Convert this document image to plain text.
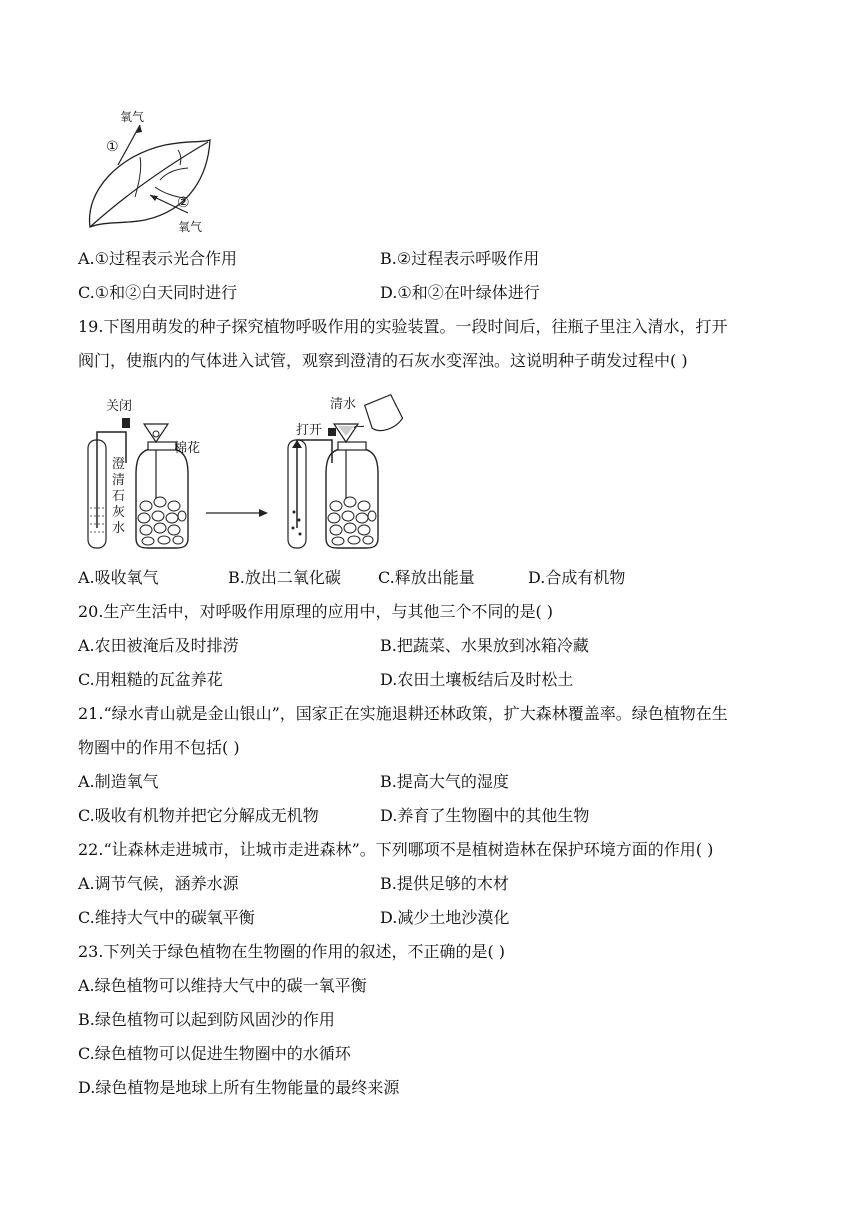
氧气
①
②
氧气
A.①过程表示光合作用	B.②过程表示呼吸作用
C.①和②白天同时进行	D.①和②在叶绿体进行
19.下图用萌发的种子探究植物呼吸作用的实验装置。一段时间后，往瓶子里注入清水，打开
阀门，使瓶内的气体进入试管，观察到澄清的石灰水变浑浊。这说明种子萌发过程中( )
关闭
棉花
澄
清
石
灰
水
打开
清水
A.吸收氧气	B.放出二氧化碳 C.释放出能量	D.合成有机物
20.生产生活中，对呼吸作用原理的应用中，与其他三个不同的是( )
A.农田被淹后及时排涝	B.把蔬菜、水果放到冰箱冷藏
C.用粗糙的瓦盆养花	D.农田土壤板结后及时松土
21.“绿水青山就是金山银山”，国家正在实施退耕还林政策，扩大森林覆盖率。绿色植物在生
物圈中的作用不包括( )
A.制造氧气	B.提高大气的湿度
C.吸收有机物并把它分解成无机物	D.养育了生物圈中的其他生物
22.“让森林走进城市，让城市走进森林”。下列哪项不是植树造林在保护环境方面的作用( )
A.调节气候，涵养水源	B.提供足够的木材
C.维持大气中的碳氧平衡	D.减少土地沙漠化
23.下列关于绿色植物在生物圈的作用的叙述，不正确的是( )
A.绿色植物可以维持大气中的碳一氧平衡
B.绿色植物可以起到防风固沙的作用
C.绿色植物可以促进生物圈中的水循环
D.绿色植物是地球上所有生物能量的最终来源
